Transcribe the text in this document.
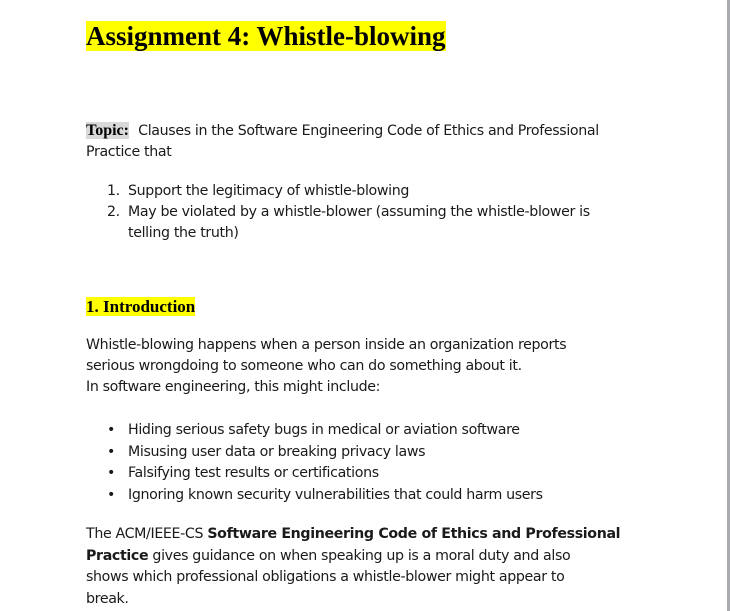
Assignment 4: Whistle-blowing
Topic: Clauses in the Software Engineering Code of Ethics and Professional
Practice that
1. Support the legitimacy of whistle-blowing
2. May be violated by a whistle-blower (assuming the whistle-blower is
telling the truth)
1. Introduction
Whistle-blowing happens when a person inside an organization reports
serious wrongdoing to someone who can do something about it.
In software engineering, this might include:
• Hiding serious safety bugs in medical or aviation software
• Misusing user data or breaking privacy laws
• Falsifying test results or certifications
• Ignoring known security vulnerabilities that could harm users
The ACM/IEEE-CS Software Engineering Code of Ethics and Professional
Practice gives guidance on when speaking up is a moral duty and also
shows which professional obligations a whistle-blower might appear to
break.
